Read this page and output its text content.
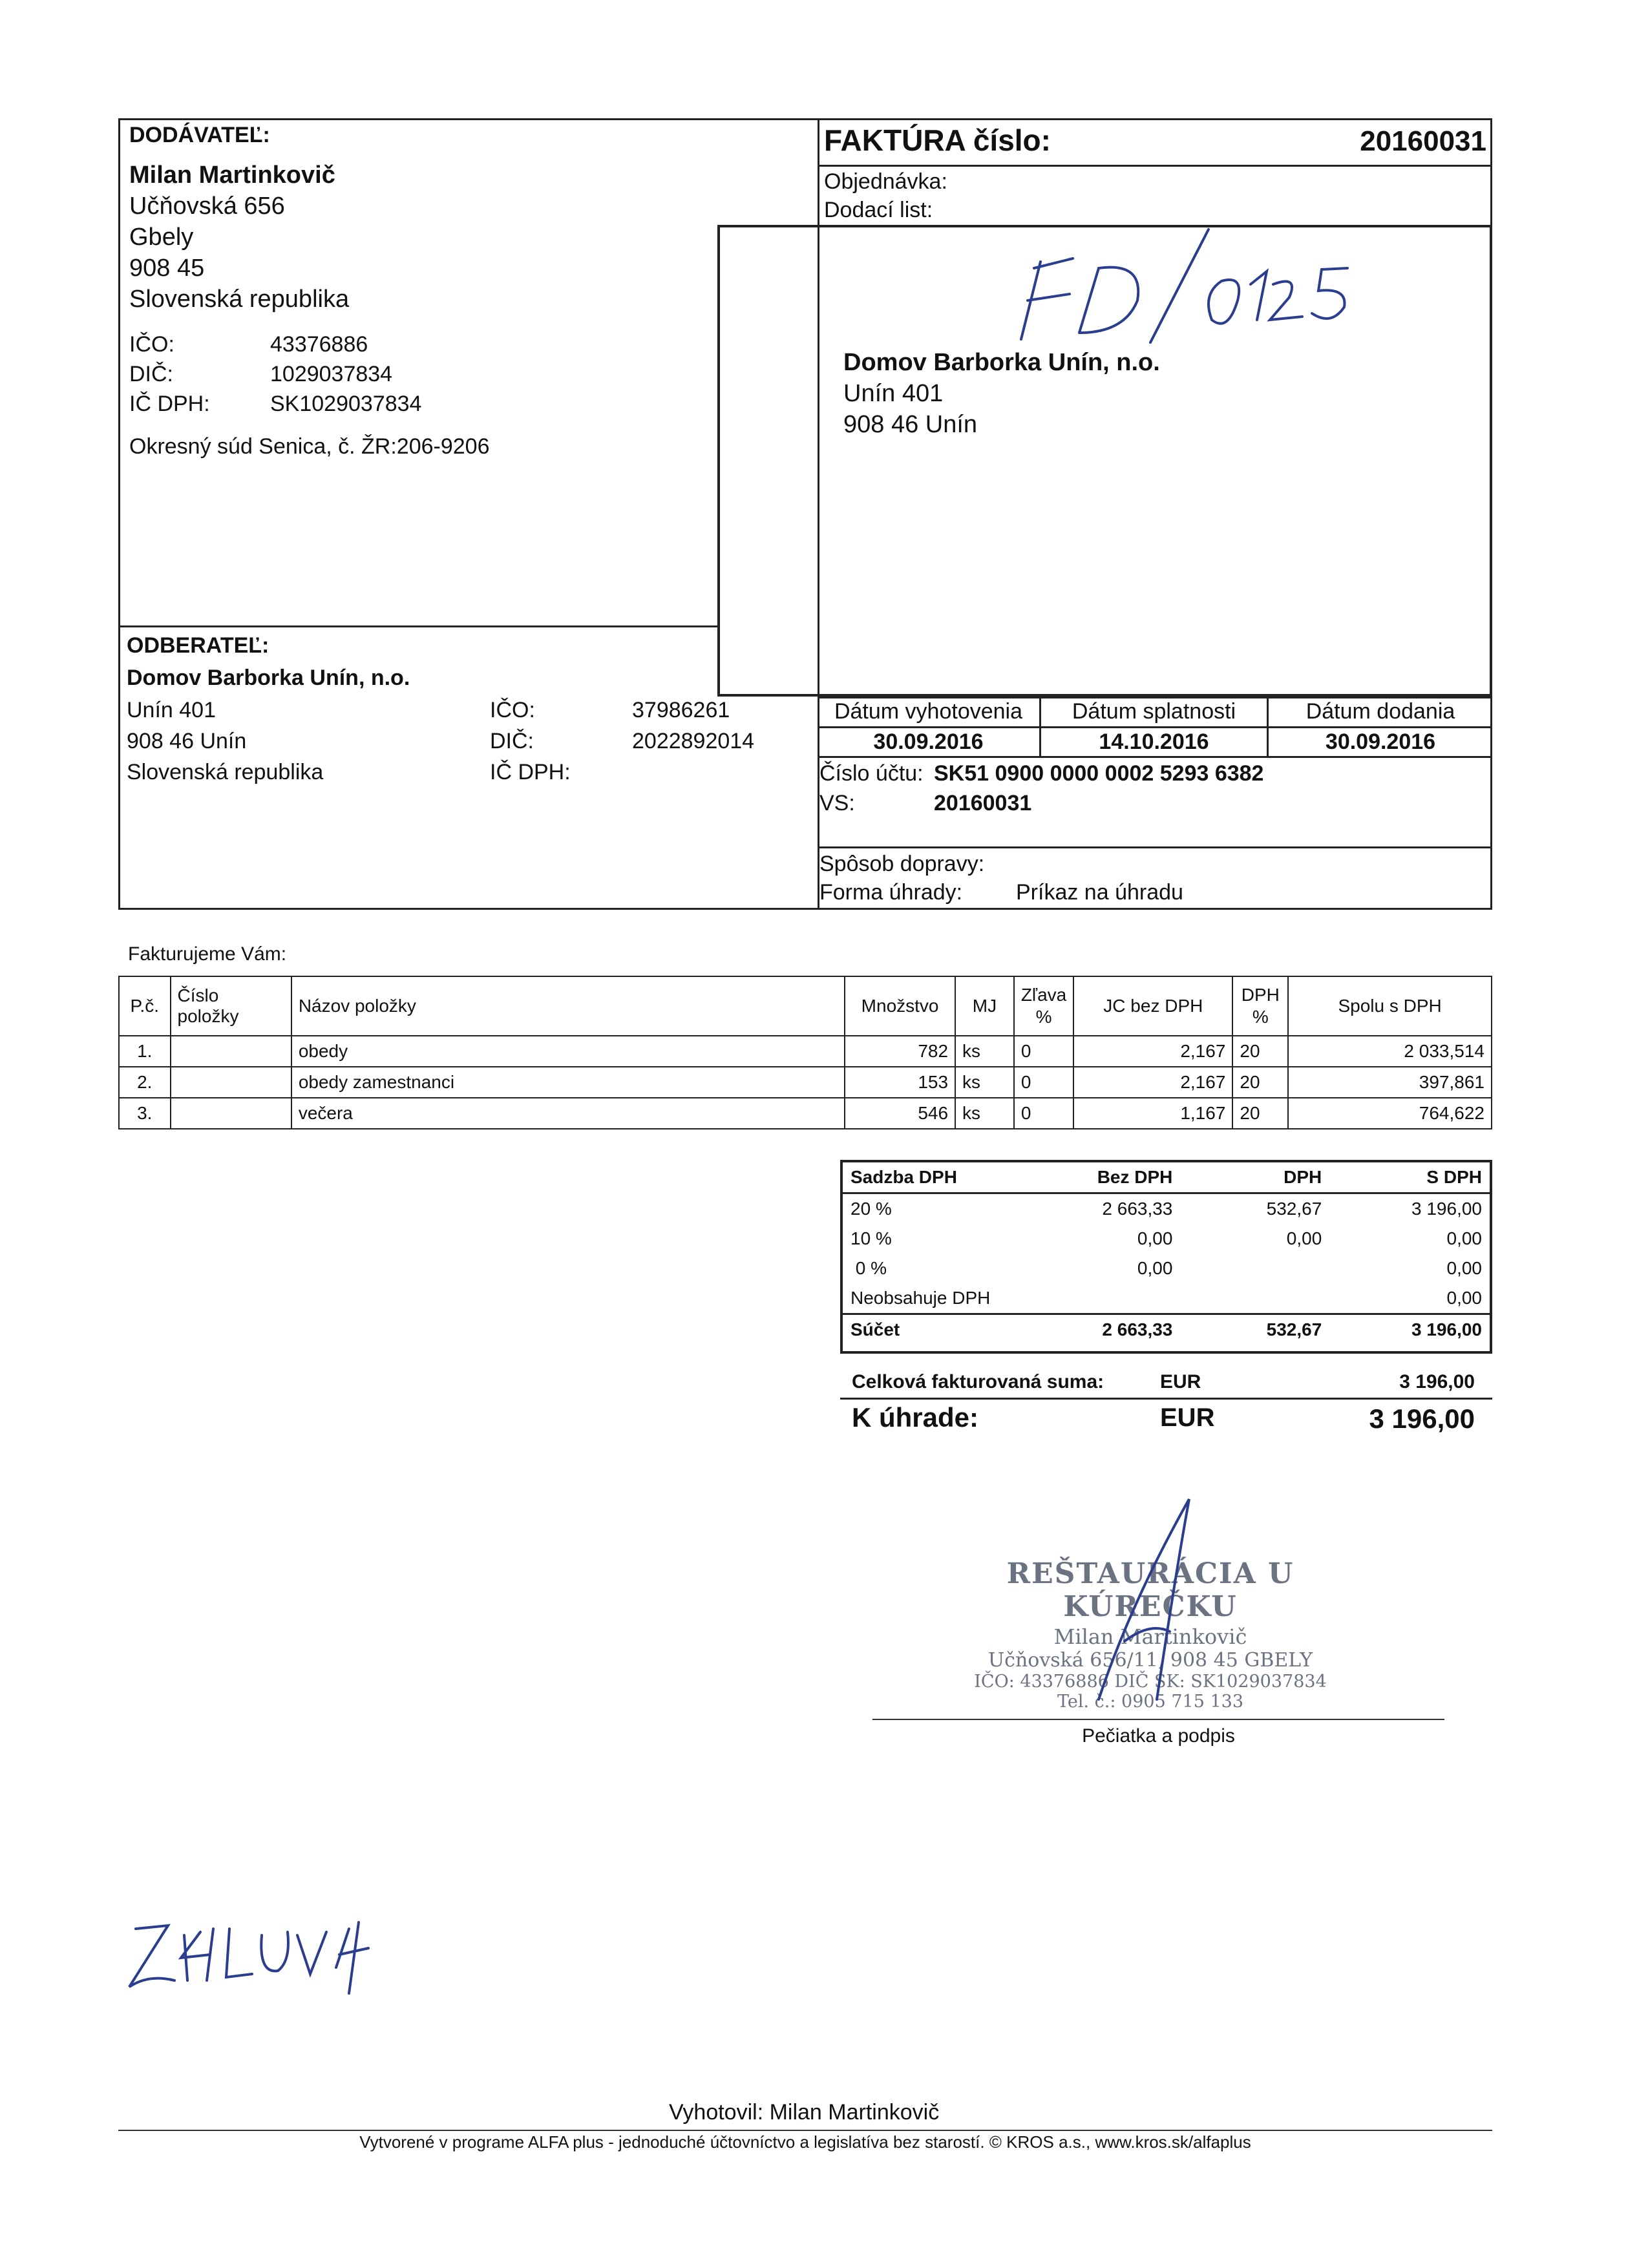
DODÁVATEĽ:
Milan Martinkovič
Učňovská 656
Gbely
908 45
Slovenská republika
IČO:	43376886
DIČ:	1029037834
IČ DPH:	SK1029037834
Okresný súd Senica, č. ŽR:206-9206
ODBERATEĽ:
Domov Barborka Unín, n.o.
Unín 401
908 46 Unín
Slovenská republika
IČO:	37986261
DIČ:	2022892014
IČ DPH:
FAKTÚRA číslo:	20160031
Objednávka:
Dodací list:
Domov Barborka Unín, n.o.
Unín 401
908 46 Unín
Dátum vyhotovenia	Dátum splatnosti	Dátum dodania
30.09.2016	14.10.2016	30.09.2016
Číslo účtu: SK51 0900 0000 0002 5293 6382
VS:	20160031
Spôsob dopravy:
Forma úhrady: Príkaz na úhradu
Fakturujeme Vám:
P.č.	Číslo položky	Názov položky	Množstvo	MJ	Zľava %	JC bez DPH	DPH %	Spolu s DPH
1.		obedy	782	ks	0	2,167	20	2 033,514
2.		obedy zamestnanci	153	ks	0	2,167	20	397,861
3.		večera	546	ks	0	1,167	20	764,622
Sadzba DPH	Bez DPH	DPH	S DPH
20 %	2 663,33	532,67	3 196,00
10 %	0,00	0,00	0,00
0 %	0,00		0,00
Neobsahuje DPH			0,00
Súčet	2 663,33	532,67	3 196,00
Celková fakturovaná suma:	EUR	3 196,00
K úhrade:	EUR	3 196,00
REŠTAURÁCIA U KÚREČKU
Milan Martinkovič
Učňovská 656/11, 908 45 GBELY
IČO: 43376886 DIČ SK: SK1029037834
Tel. č.: 0905 715 133
Pečiatka a podpis
Vyhotovil: Milan Martinkovič
Vytvorené v programe ALFA plus - jednoduché účtovníctvo a legislatíva bez starostí. © KROS a.s., www.kros.sk/alfaplus
